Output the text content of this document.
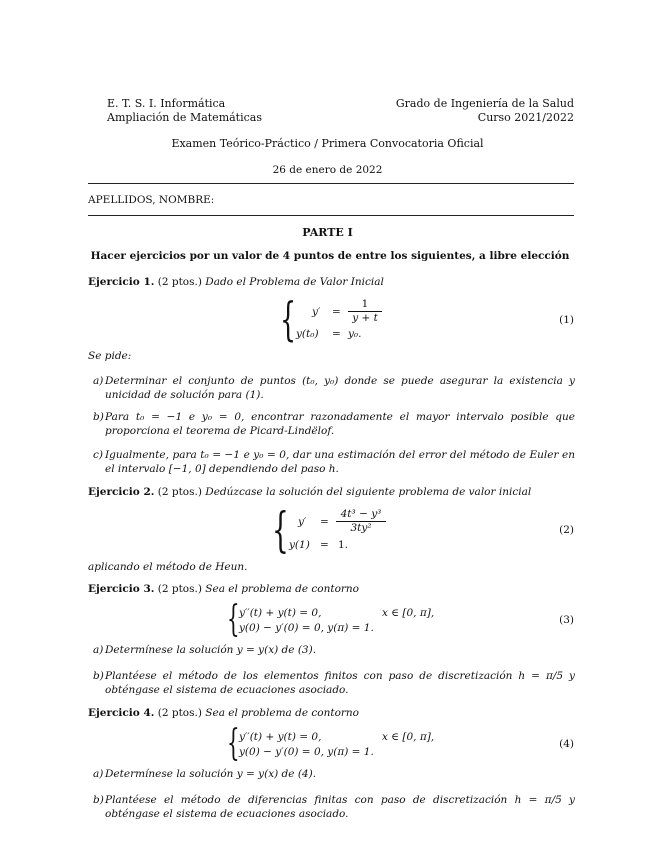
E. T. S. I. Informática
Ampliación de Matemáticas
Grado de Ingeniería de la Salud
Curso 2021/2022
Examen Teórico-Práctico / Primera Convocatoria Oficial
26 de enero de 2022
APELLIDOS, NOMBRE:
PARTE I
Hacer ejercicios por un valor de 4 puntos de entre los siguientes, a libre elección
Ejercicio 1. (2 ptos.) Dado el Problema de Valor Inicial
{ $y' = \frac{1}{y + t}$
y(t₀) = y₀.
(1)
Se pide:
a) Determinar el conjunto de puntos (t₀, y₀) donde se puede asegurar la existencia y unicidad de solución para (1).
b) Para t₀ = −1 e y₀ = 0, encontrar razonadamente el mayor intervalo posible que proporciona el teorema de Picard-Lindëlof.
c) Igualmente, para t₀ = −1 e y₀ = 0, dar una estimación del error del método de Euler en el intervalo [−1, 0] dependiendo del paso h.
Ejercicio 2. (2 ptos.) Dedúzcase la solución del siguiente problema de valor inicial
{ $y' = \frac{\text{4t³ − y³}}{\text{3ty²}}$
y(1) = 1.
(2)
aplicando el método de Heun.
Ejercicio 3. (2 ptos.) Sea el problema de contorno
{ y′′(t) + y(t) = 0,	x ∈ [0, π],
y(0) − y′(0) = 0, y(π) = 1.
(3)
a) Determínese la solución y = y(x) de (3).
b) Plantéese el método de los elementos finitos con paso de discretización h = π/5 y obténgase el sistema de ecuaciones asociado.
Ejercicio 4. (2 ptos.) Sea el problema de contorno
{ y′′(t) + y(t) = 0,	x ∈ [0, π],
y(0) − y′(0) = 0, y(π) = 1.
(4)
a) Determínese la solución y = y(x) de (4).
b) Plantéese el método de diferencias finitas con paso de discretización h = π/5 y obténgase el sistema de ecuaciones asociado.
